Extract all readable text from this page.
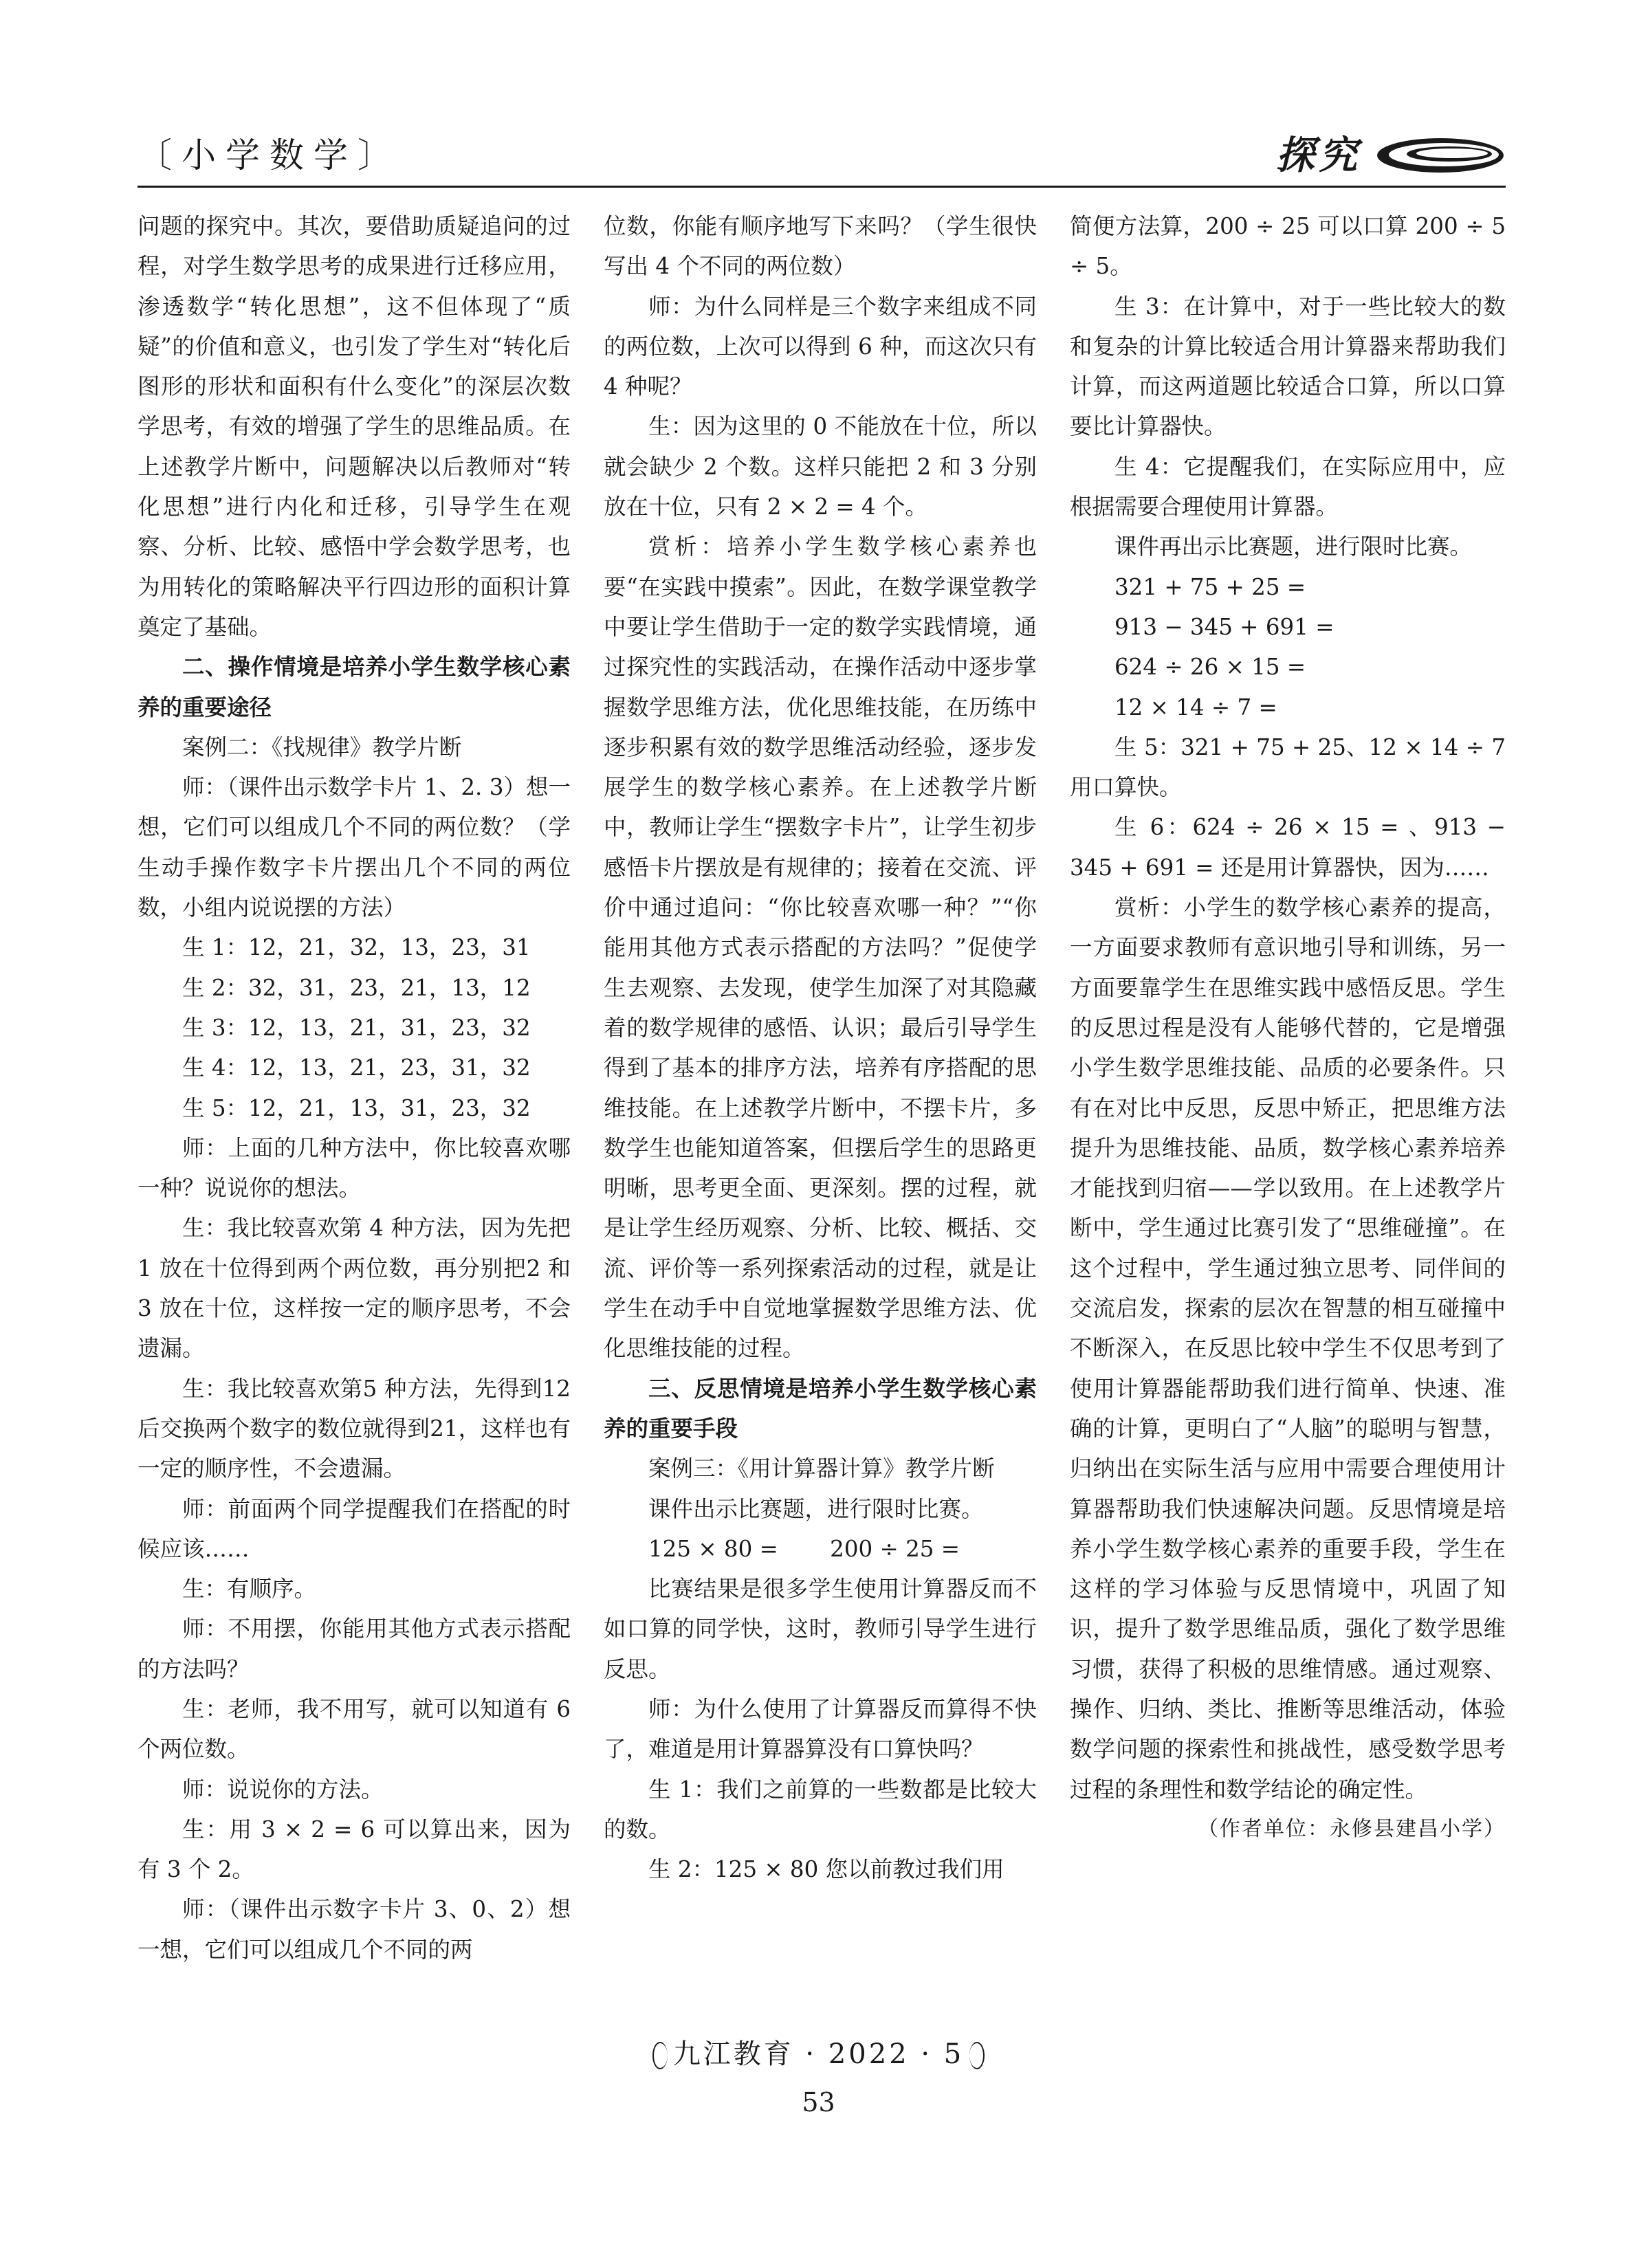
〔小学数学〕	探究

问题的探究中。其次，要借助质疑追问的过程，对学生数学思考的成果进行迁移应用，渗透数学“转化思想”，这不但体现了“质疑”的价值和意义，也引发了学生对“转化后图形的形状和面积有什么变化”的深层次数学思考，有效的增强了学生的思维品质。在上述教学片断中，问题解决以后教师对“转化思想”进行内化和迁移，引导学生在观察、分析、比较、感悟中学会数学思考，也为用转化的策略解决平行四边形的面积计算奠定了基础。

二、操作情境是培养小学生数学核心素养的重要途径

案例二：《找规律》教学片断

师：（课件出示数学卡片 1、2. 3）想一想，它们可以组成几个不同的两位数？（学生动手操作数字卡片摆出几个不同的两位数，小组内说说摆的方法）

生 1：12，21，32，13，23，31

生 2：32，31，23，21，13，12

生 3：12，13，21，31，23，32

生 4：12，13，21，23，31，32

生 5：12，21，13，31，23，32

师：上面的几种方法中，你比较喜欢哪一种？说说你的想法。

生：我比较喜欢第 4 种方法，因为先把 1 放在十位得到两个两位数，再分别把2 和3 放在十位，这样按一定的顺序思考，不会遗漏。

生：我比较喜欢第5 种方法，先得到12 后交换两个数字的数位就得到21，这样也有一定的顺序性，不会遗漏。

师：前面两个同学提醒我们在搭配的时候应该……

生：有顺序。

师：不用摆，你能用其他方式表示搭配的方法吗？

生：老师，我不用写，就可以知道有 6 个两位数。

师：说说你的方法。

生：用 3 × 2 = 6 可以算出来，因为有 3 个 2。

师：（课件出示数字卡片 3、0、2）想一想，它们可以组成几个不同的两

位数，你能有顺序地写下来吗？（学生很快写出 4 个不同的两位数）

师：为什么同样是三个数字来组成不同的两位数，上次可以得到 6 种，而这次只有 4 种呢？

生：因为这里的 0 不能放在十位，所以就会缺少 2 个数。这样只能把 2 和 3 分别放在十位，只有 2 × 2 = 4 个。

赏析：培养小学生数学核心素养也要“在实践中摸索”。因此，在数学课堂教学中要让学生借助于一定的数学实践情境，通过探究性的实践活动，在操作活动中逐步掌握数学思维方法，优化思维技能，在历练中逐步积累有效的数学思维活动经验，逐步发展学生的数学核心素养。在上述教学片断中，教师让学生“摆数字卡片”，让学生初步感悟卡片摆放是有规律的；接着在交流、评价中通过追问：“你比较喜欢哪一种？”“你能用其他方式表示搭配的方法吗？”促使学生去观察、去发现，使学生加深了对其隐藏着的数学规律的感悟、认识；最后引导学生得到了基本的排序方法，培养有序搭配的思维技能。在上述教学片断中，不摆卡片，多数学生也能知道答案，但摆后学生的思路更明晰，思考更全面、更深刻。摆的过程，就是让学生经历观察、分析、比较、概括、交流、评价等一系列探索活动的过程，就是让学生在动手中自觉地掌握数学思维方法、优化思维技能的过程。

三、反思情境是培养小学生数学核心素养的重要手段

案例三：《用计算器计算》教学片断

课件出示比赛题，进行限时比赛。

125 × 80 =　　 200 ÷ 25 =

比赛结果是很多学生使用计算器反而不如口算的同学快，这时，教师引导学生进行反思。

师：为什么使用了计算器反而算得不快了，难道是用计算器算没有口算快吗？

生 1：我们之前算的一些数都是比较大的数。

生 2：125 × 80 您以前教过我们用

简便方法算，200 ÷ 25 可以口算 200 ÷ 5 ÷ 5。

生 3：在计算中，对于一些比较大的数和复杂的计算比较适合用计算器来帮助我们计算，而这两道题比较适合口算，所以口算要比计算器快。

生 4：它提醒我们，在实际应用中，应根据需要合理使用计算器。

课件再出示比赛题，进行限时比赛。

321 + 75 + 25 =

913 − 345 + 691 =

624 ÷ 26 × 15 =

12 × 14 ÷ 7 =

生 5：321 + 75 + 25、12 × 14 ÷ 7 用口算快。

生 6：624 ÷ 26 × 15 = 、913 − 345 + 691 = 还是用计算器快，因为……

赏析：小学生的数学核心素养的提高，一方面要求教师有意识地引导和训练，另一方面要靠学生在思维实践中感悟反思。学生的反思过程是没有人能够代替的，它是增强小学生数学思维技能、品质的必要条件。只有在对比中反思，反思中矫正，把思维方法提升为思维技能、品质，数学核心素养培养才能找到归宿——学以致用。在上述教学片断中，学生通过比赛引发了“思维碰撞”。在这个过程中，学生通过独立思考、同伴间的交流启发，探索的层次在智慧的相互碰撞中不断深入，在反思比较中学生不仅思考到了使用计算器能帮助我们进行简单、快速、准确的计算，更明白了“人脑”的聪明与智慧，归纳出在实际生活与应用中需要合理使用计算器帮助我们快速解决问题。反思情境是培养小学生数学核心素养的重要手段，学生在这样的学习体验与反思情境中，巩固了知识，提升了数学思维品质，强化了数学思维习惯，获得了积极的思维情感。通过观察、操作、归纳、类比、推断等思维活动，体验数学问题的探索性和挑战性，感受数学思考过程的条理性和数学结论的确定性。

（作者单位：永修县建昌小学）

九江教育 · 2022 · 5
53
